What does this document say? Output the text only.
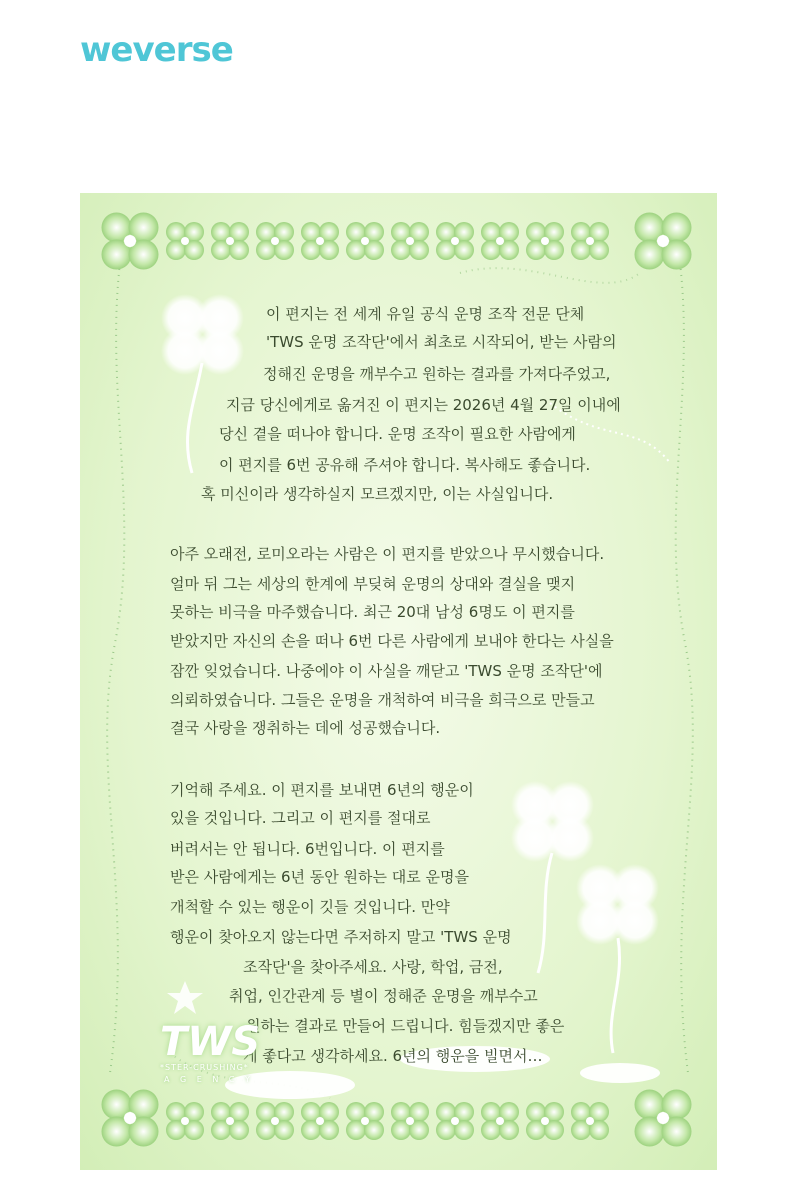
weverse
이 편지는 전 세계 유일 공식 운명 조작 전문 단체
'TWS 운명 조작단'에서 최초로 시작되어, 받는 사람의
정해진 운명을 깨부수고 원하는 결과를 가져다주었고,
지금 당신에게로 옮겨진 이 편지는 2026년 4월 27일 이내에
당신 곁을 떠나야 합니다. 운명 조작이 필요한 사람에게
이 편지를 6번 공유해 주셔야 합니다. 복사해도 좋습니다.
혹 미신이라 생각하실지 모르겠지만, 이는 사실입니다.
아주 오래전, 로미오라는 사람은 이 편지를 받았으나 무시했습니다.
얼마 뒤 그는 세상의 한계에 부딪혀 운명의 상대와 결실을 맺지
못하는 비극을 마주했습니다. 최근 20대 남성 6명도 이 편지를
받았지만 자신의 손을 떠나 6번 다른 사람에게 보내야 한다는 사실을
잠깐 잊었습니다. 나중에야 이 사실을 깨닫고 'TWS 운명 조작단'에
의뢰하였습니다. 그들은 운명을 개척하여 비극을 희극으로 만들고
결국 사랑을 쟁취하는 데에 성공했습니다.
기억해 주세요. 이 편지를 보내면 6년의 행운이
있을 것입니다. 그리고 이 편지를 절대로
버려서는 안 됩니다. 6번입니다. 이 편지를
받은 사람에게는 6년 동안 원하는 대로 운명을
개척할 수 있는 행운이 깃들 것입니다. 만약
행운이 찾아오지 않는다면 주저하지 말고 'TWS 운명
조작단'을 찾아주세요. 사랑, 학업, 금전,
취업, 인간관계 등 별이 정해준 운명을 깨부수고
원하는 결과로 만들어 드립니다. 힘들겠지만 좋은
게 좋다고 생각하세요. 6년의 행운을 빌면서…
TWS
*STER-CRUSHING*
A G E N C Y
